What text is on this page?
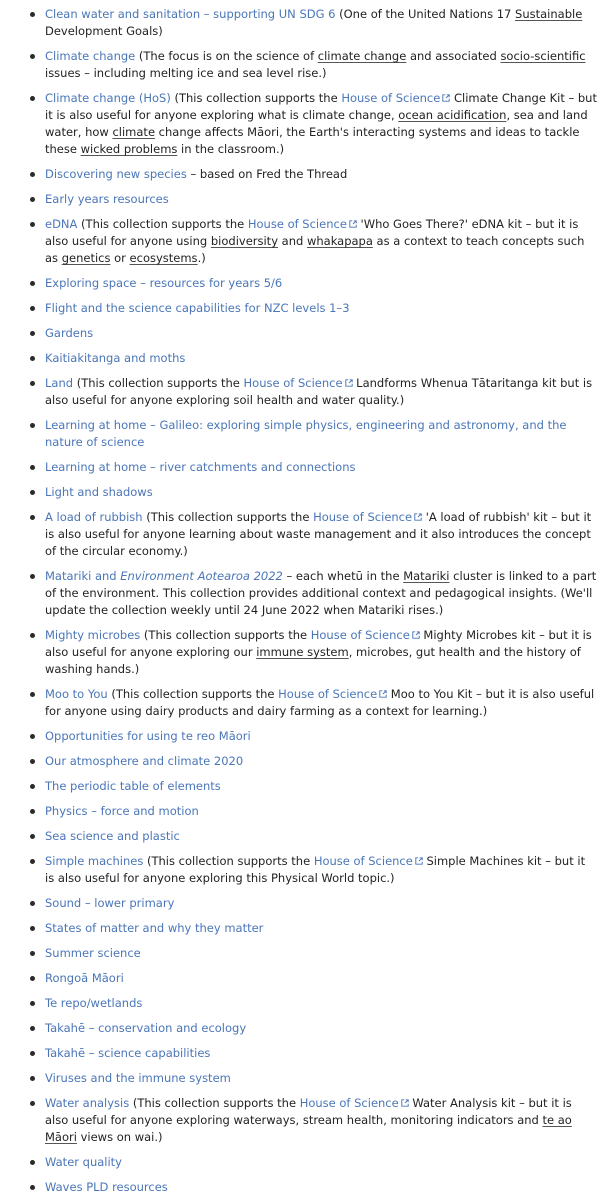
Clean water and sanitation – supporting UN SDG 6 (One of the United Nations 17 Sustainable Development Goals)
Climate change (The focus is on the science of climate change and associated socio-scientific issues – including melting ice and sea level rise.)
Climate change (HoS) (This collection supports the House of Science
Climate Change Kit – but it is also useful for anyone exploring what is climate change, ocean acidification, sea and land water, how climate change affects Māori, the Earth's interacting systems and ideas to tackle these wicked problems in the classroom.)
Discovering new species – based on Fred the Thread
Early years resources
eDNA (This collection supports the House of Science
'Who Goes There?' eDNA kit – but it is also useful for anyone using biodiversity and whakapapa as a context to teach concepts such as genetics or ecosystems.)
Exploring space – resources for years 5/6
Flight and the science capabilities for NZC levels 1–3
Gardens
Kaitiakitanga and moths
Land (This collection supports the House of Science
Landforms Whenua Tātaritanga kit but is also useful for anyone exploring soil health and water quality.)
Learning at home – Galileo: exploring simple physics, engineering and astronomy, and the nature of science
Learning at home – river catchments and connections
Light and shadows
A load of rubbish (This collection supports the House of Science
'A load of rubbish' kit – but it is also useful for anyone learning about waste management and it also introduces the concept of the circular economy.)
Matariki and Environment Aotearoa 2022 – each whetū in the Matariki cluster is linked to a part of the environment. This collection provides additional context and pedagogical insights. (We'll update the collection weekly until 24 June 2022 when Matariki rises.)
Mighty microbes (This collection supports the House of Science
Mighty Microbes kit – but it is also useful for anyone exploring our immune system, microbes, gut health and the history of washing hands.)
Moo to You (This collection supports the House of Science
Moo to You Kit – but it is also useful for anyone using dairy products and dairy farming as a context for learning.)
Opportunities for using te reo Māori
Our atmosphere and climate 2020
The periodic table of elements
Physics – force and motion
Sea science and plastic
Simple machines (This collection supports the House of Science
Simple Machines kit – but it is also useful for anyone exploring this Physical World topic.)
Sound – lower primary
States of matter and why they matter
Summer science
Rongoā Māori
Te repo/wetlands
Takahē – conservation and ecology
Takahē – science capabilities
Viruses and the immune system
Water analysis (This collection supports the House of Science
Water Analysis kit – but it is also useful for anyone exploring waterways, stream health, monitoring indicators and te ao Māori views on wai.)
Water quality
Waves PLD resources
